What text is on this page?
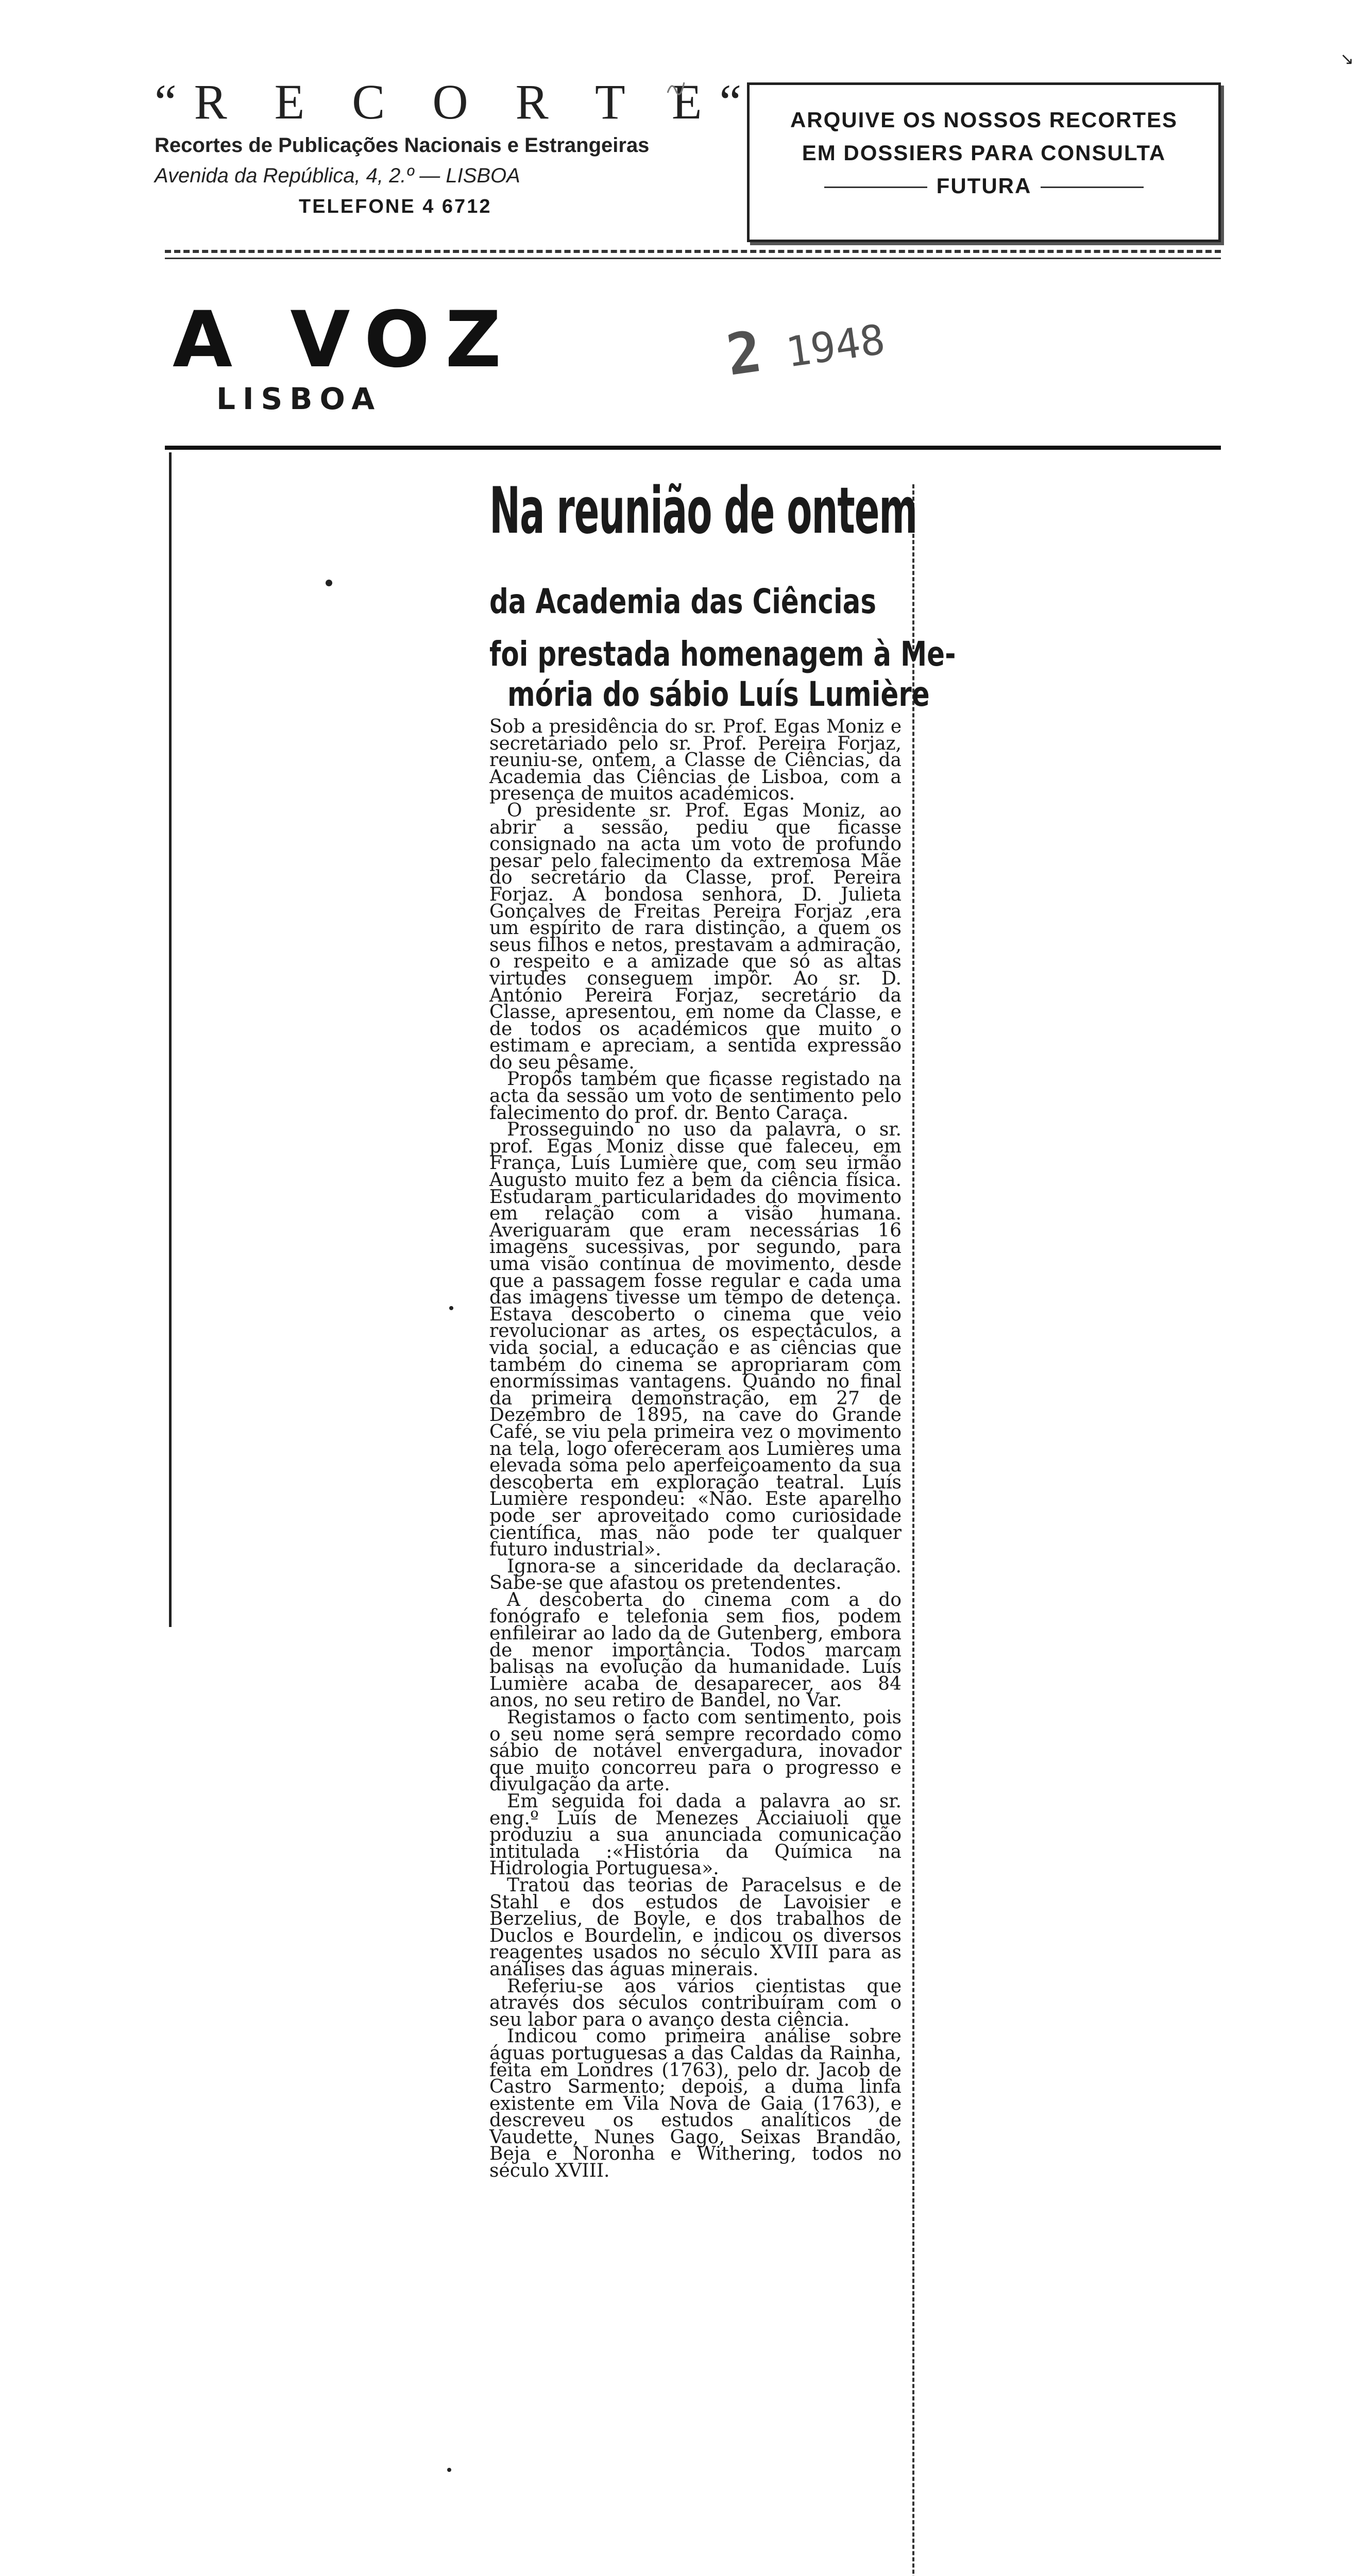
“R E C O R T E“
Recortes de Publicações Nacionais e Estrangeiras
Avenida da República, 4, 2.º — LISBOA
TELEFONE 4 6712
ARQUIVE OS NOSSOS RECORTES
EM DOSSIERS PARA CONSULTA
FUTURA
A VOZ
LISBOA
2 1948
Na reunião de ontem
da Academia das Ciências
foi prestada homenagem à Me-
mória do sábio Luís Lumière

Sob a presidência do sr. Prof. Egas Moniz e secretariado pelo sr. Prof. Pereira Forjaz, reuniu-se, ontem, a Classe de Ciências, da Academia das Ciências de Lisboa, com a presença de muitos académicos.

O presidente sr. Prof. Egas Moniz, ao abrir a sessão, pediu que ficasse consignado na acta um voto de profundo pesar pelo falecimento da extremosa Mãe do secretário da Classe, prof. Pereira Forjaz. A bondosa senhora, D. Julieta Gonçalves de Freitas Pereira Forjaz ,era um espírito de rara distinção, a quem os seus filhos e netos, prestavam a admiração, o respeito e a amizade que só as altas virtudes conseguem impôr. Ao sr. D. António Pereira Forjaz, secretário da Classe, apresentou, em nome da Classe, e de todos os académicos que muito o estimam e apreciam, a sentida expressão do seu pêsame.

Propôs também que ficasse registado na acta da sessão um voto de sentimento pelo falecimento do prof. dr. Bento Caraça.

Prosseguindo no uso da palavra, o sr. prof. Egas Moniz disse que faleceu, em França, Luís Lumière que, com seu irmão Augusto muito fez a bem da ciência física. Estudaram particularidades do movimento em relação com a visão humana. Averiguaram que eram necessárias 16 imagens sucessivas, por segundo, para uma visão contínua de movimento, desde que a passagem fosse regular e cada uma das imagens tivesse um tempo de detença. Estava descoberto o cinema que veio revolucionar as artes, os espectáculos, a vida social, a educação e as ciências que também do cinema se apropriaram com enormíssimas vantagens. Quando no final da primeira demonstração, em 27 de Dezembro de 1895, na cave do Grande Café, se viu pela primeira vez o movimento na tela, logo ofereceram aos Lumières uma elevada soma pelo aperfeiçoamento da sua descoberta em exploração teatral. Luís Lumière respondeu: «Não. Este aparelho pode ser aproveitado como curiosidade científica, mas não pode ter qualquer futuro industrial».

Ignora-se a sinceridade da declaração. Sabe-se que afastou os pretendentes.

A descoberta do cinema com a do fonógrafo e telefonia sem fios, podem enfileirar ao lado da de Gutenberg, embora de menor importância. Todos marcam balisas na evolução da humanidade. Luís Lumière acaba de desaparecer, aos 84 anos, no seu retiro de Bandel, no Var.

Registamos o facto com sentimento, pois o seu nome será sempre recordado como sábio de notável envergadura, inovador que muito concorreu para o progresso e divulgação da arte.

Em seguida foi dada a palavra ao sr. eng.º Luís de Menezes Acciaiuoli que produziu a sua anunciada comunicação intitulada :«História da Química na Hidrologia Portuguesa».

Tratou das teorias de Paracelsus e de Stahl e dos estudos de Lavoisier e Berzelius, de Boyle, e dos trabalhos de Duclos e Bourdelin, e indicou os diversos reagentes usados no século XVIII para as análises das águas minerais.

Referiu-se aos vários cientistas que através dos séculos contribuíram com o seu labor para o avanço desta ciência.

Indicou como primeira análise sobre águas portuguesas a das Caldas da Rainha, feita em Londres (1763), pelo dr. Jacob de Castro Sarmento; depois, a duma linfa existente em Vila Nova de Gaia (1763), e descreveu os estudos analíticos de Vaudette, Nunes Gago, Seixas Brandão, Beja e Noronha e Withering, todos no século XVIII.

↘
